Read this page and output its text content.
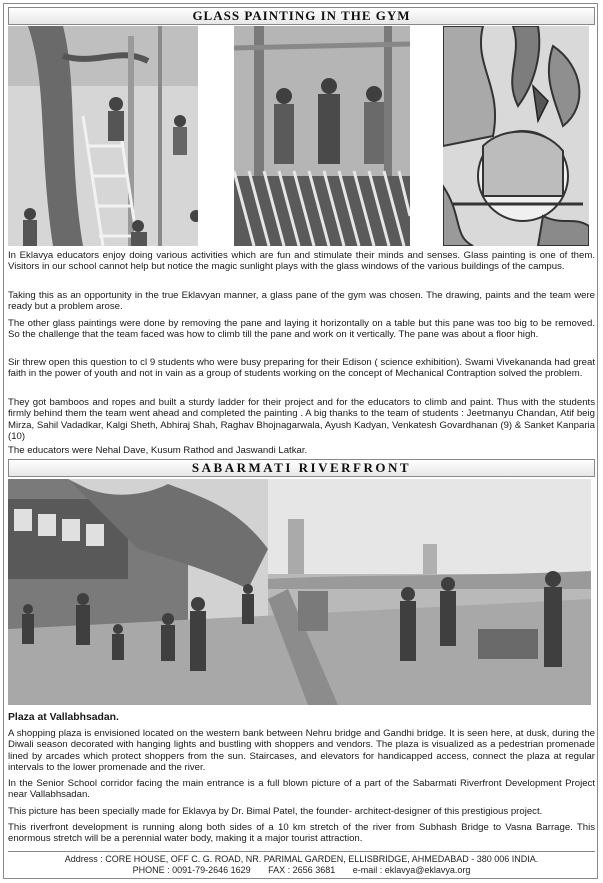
GLASS PAINTING IN THE GYM

In Eklavya educators enjoy doing various activities which are fun and stimulate their minds and senses. Glass painting is one of them. Visitors in our school cannot help but notice the magic sunlight plays with the glass windows of the various buildings of the campus.

Taking this as an opportunity in the true Eklavyan manner, a glass pane of the gym was chosen. The drawing, paints and the team were ready but a problem arose.

The other glass paintings were done by removing the pane and laying it horizontally on a table but this pane was too big to be removed. So the challenge that the team faced was how to climb till the pane and work on it vertically. The pane was about a floor high.

Sir threw open this question to cl 9 students who were busy preparing for their Edison ( science exhibition). Swami Vivekananda had great faith in the power of youth and not in vain as a group of students working on the concept of Mechanical Contraption solved the problem.

They got bamboos and ropes and built a sturdy ladder for their project and for the educators to climb and paint. Thus with the students firmly behind them the team went ahead and completed the painting . A big thanks to the team of students : Jeetmanyu Chandan, Atif beig Mirza, Sahil Vadadkar, Kalgi Sheth, Abhiraj Shah, Raghav Bhojnagarwala, Ayush Kadyan, Venkatesh Govardhanan (9) & Sanket Kanparia (10)

The educators were Nehal Dave, Kusum Rathod and Jaswandi Latkar.

SABARMATI RIVERFRONT

Plaza at Vallabhsadan.

A shopping plaza is envisioned located on the western bank between Nehru bridge and Gandhi bridge. It is seen here, at dusk, during the Diwali season decorated with hanging lights and bustling with shoppers and vendors. The plaza is visualized as a pedestrian promenade lined by arcades which protect shoppers from the sun. Staircases, and elevators for handicapped access, connect the plaza at regular intervals to the lower promenade and the river.

In the Senior School corridor facing the main entrance is a full blown picture of a part of the Sabarmati Riverfront Development Project near Vallabhsadan.

This picture has been specially made for Eklavya by Dr. Bimal Patel, the founder- architect-designer of this prestigious project.

This riverfront development is running along both sides of a 10 km stretch of the river from Subhash Bridge to Vasna Barrage. This enormous stretch will be a perennial water body, making it a major tourist attraction.

Address : CORE HOUSE, OFF C. G. ROAD, NR. PARIMAL GARDEN, ELLISBRIDGE, AHMEDABAD - 380 006 INDIA.
PHONE : 0091-79-2646 1629       FAX : 2656 3681       e-mail : eklavya@eklavya.org
